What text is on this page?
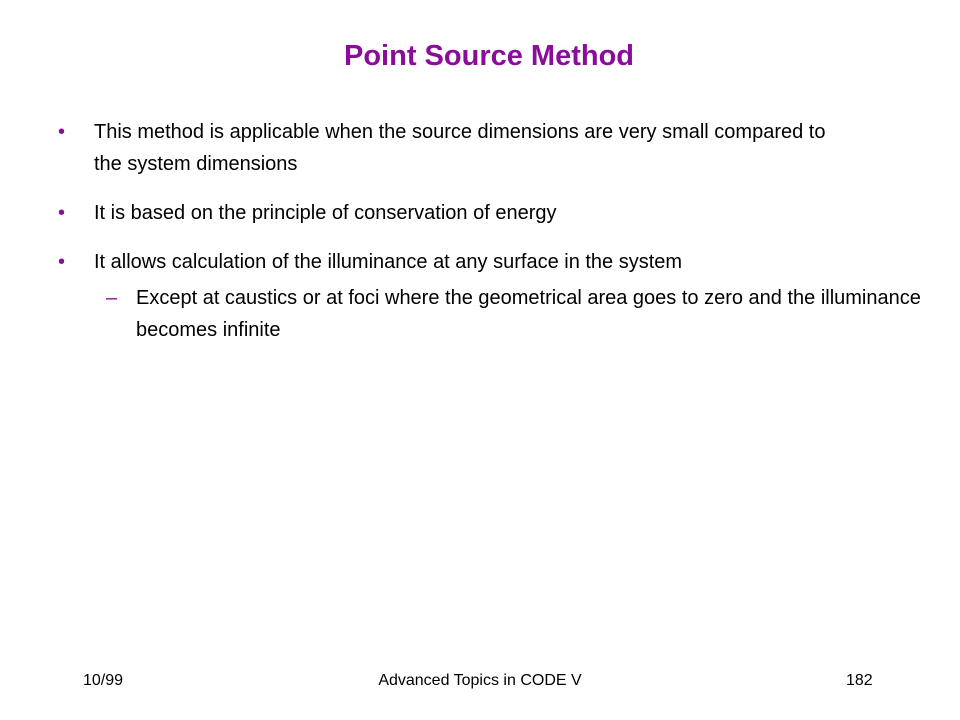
Point Source Method
• This method is applicable when the source dimensions are very small compared to the system dimensions
• It is based on the principle of conservation of energy
• It allows calculation of the illuminance at any surface in the system
– Except at caustics or at foci where the geometrical area goes to zero and the illuminance becomes infinite
10/99	Advanced Topics in CODE V	182
